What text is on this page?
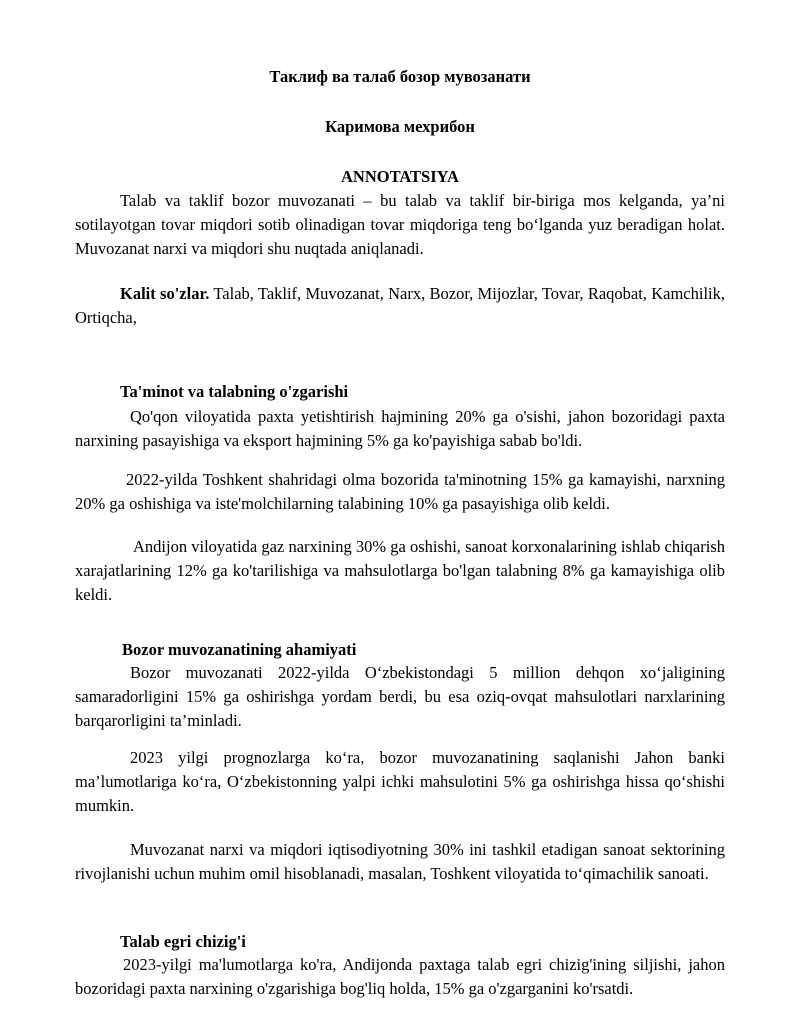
Таклиф ва талаб бозор мувозанати
Каримова мехрибон
ANNOTATSIYA
Talab va taklif bozor muvozanati – bu talab va taklif bir-biriga mos kelganda, ya’ni sotilayotgan tovar miqdori sotib olinadigan tovar miqdoriga teng bo‘lganda yuz beradigan holat. Muvozanat narxi va miqdori shu nuqtada aniqlanadi.
Kalit so'zlar. Talab, Taklif, Muvozanat, Narx, Bozor, Mijozlar, Tovar, Raqobat, Kamchilik, Ortiqcha,
Ta'minot va talabning o'zgarishi
Qo'qon viloyatida paxta yetishtirish hajmining 20% ga o'sishi, jahon bozoridagi paxta narxining pasayishiga va eksport hajmining 5% ga ko'payishiga sabab bo'ldi.
2022-yilda Toshkent shahridagi olma bozorida ta'minotning 15% ga kamayishi, narxning 20% ga oshishiga va iste'molchilarning talabining 10% ga pasayishiga olib keldi.
Andijon viloyatida gaz narxining 30% ga oshishi, sanoat korxonalarining ishlab chiqarish xarajatlarining 12% ga ko'tarilishiga va mahsulotlarga bo'lgan talabning 8% ga kamayishiga olib keldi.
Bozor muvozanatining ahamiyati
Bozor muvozanati 2022-yilda O‘zbekistondagi 5 million dehqon xo‘jaligining samaradorligini 15% ga oshirishga yordam berdi, bu esa oziq-ovqat mahsulotlari narxlarining barqarorligini ta’minladi.
2023 yilgi prognozlarga ko‘ra, bozor muvozanatining saqlanishi Jahon banki ma’lumotlariga ko‘ra, O‘zbekistonning yalpi ichki mahsulotini 5% ga oshirishga hissa qo‘shishi mumkin.
Muvozanat narxi va miqdori iqtisodiyotning 30% ini tashkil etadigan sanoat sektorining rivojlanishi uchun muhim omil hisoblanadi, masalan, Toshkent viloyatida to‘qimachilik sanoati.
Talab egri chizig'i
2023-yilgi ma'lumotlarga ko'ra, Andijonda paxtaga talab egri chizig'ining siljishi, jahon bozoridagi paxta narxining o'zgarishiga bog'liq holda, 15% ga o'zgarganini ko'rsatdi.
